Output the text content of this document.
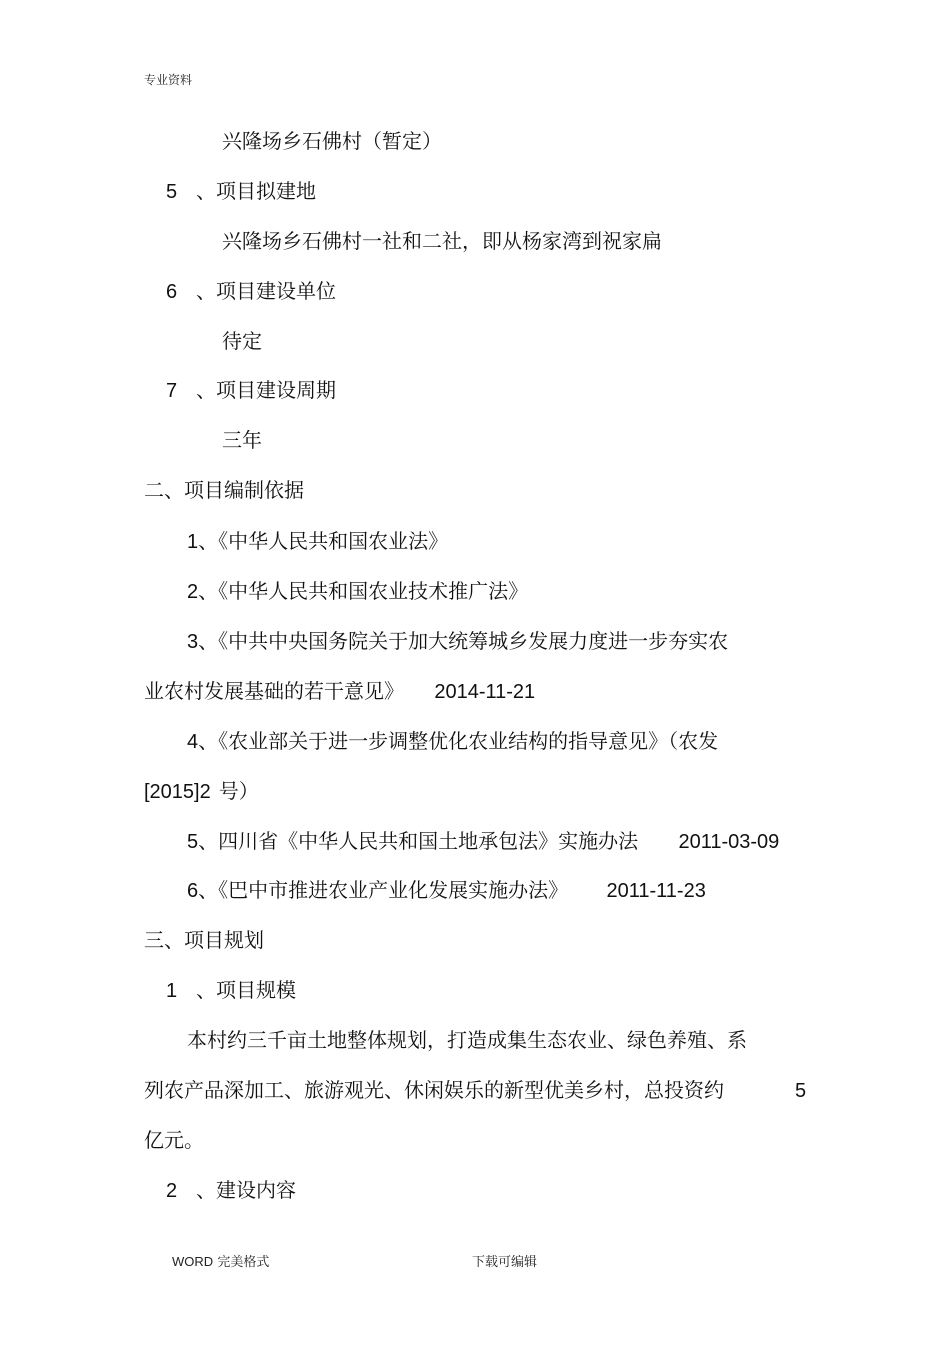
专业资料
兴隆场乡石佛村（暂定）
5 、项目拟建地
兴隆场乡石佛村一社和二社，即从杨家湾到祝家扁
6 、项目建设单位
待定
7 、项目建设周期
三年
二、项目编制依据
1、《中华人民共和国农业法》
2、《中华人民共和国农业技术推广法》
3、《中共中央国务院关于加大统筹城乡发展力度进一步夯实农
业农村发展基础的若干意见》 2014-11-21
4、《农业部关于进一步调整优化农业结构的指导意见》（农发
[2015]2 号）
5、四川省《中华人民共和国土地承包法》实施办法 2011-03-09
6、《巴中市推进农业产业化发展实施办法》 2011-11-23
三、项目规划
1 、项目规模
本村约三千亩土地整体规划，打造成集生态农业、绿色养殖、系
列农产品深加工、旅游观光、休闲娱乐的新型优美乡村，总投资约	5
亿元。
2 、建设内容
WORD 完美格式	下载可编辑
